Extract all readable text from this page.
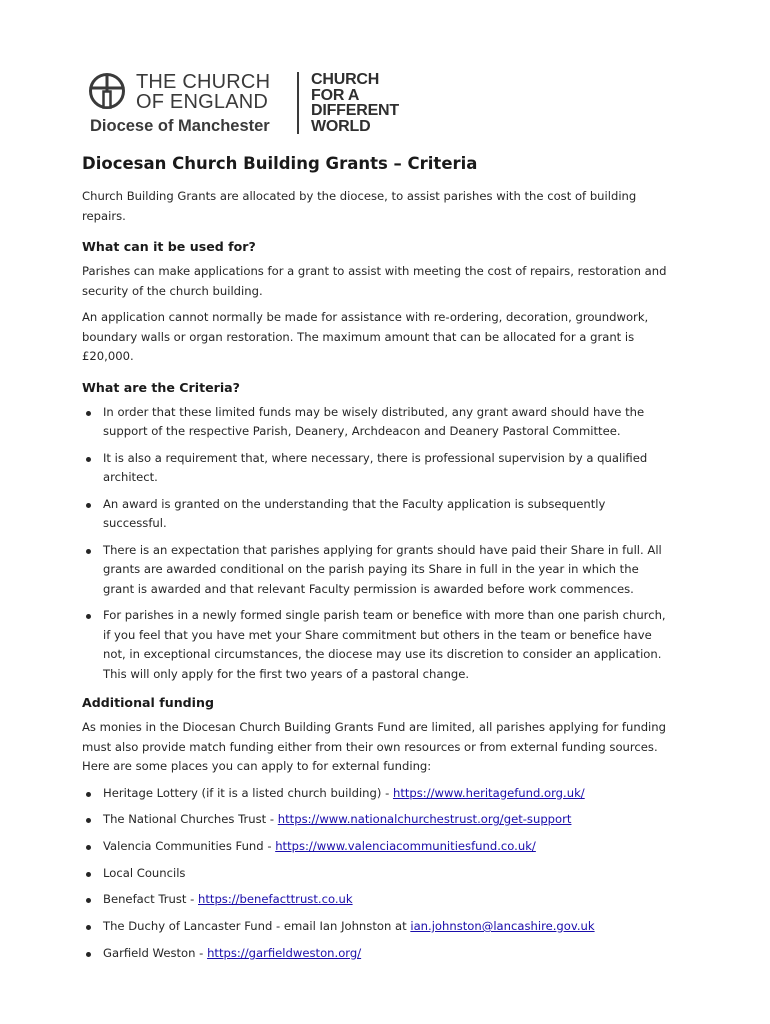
THE CHURCH
OF ENGLAND
Diocese of Manchester
CHURCH
FOR A
DIFFERENT
WORLD
Diocesan Church Building Grants – Criteria

Church Building Grants are allocated by the diocese, to assist parishes with the cost of building repairs.

What can it be used for?

Parishes can make applications for a grant to assist with meeting the cost of repairs, restoration and security of the church building.

An application cannot normally be made for assistance with re-ordering, decoration, groundwork, boundary walls or organ restoration. The maximum amount that can be allocated for a grant is £20,000.

What are the Criteria?
In order that these limited funds may be wisely distributed, any grant award should have the support of the respective Parish, Deanery, Archdeacon and Deanery Pastoral Committee.
It is also a requirement that, where necessary, there is professional supervision by a qualified architect.
An award is granted on the understanding that the Faculty application is subsequently successful.
There is an expectation that parishes applying for grants should have paid their Share in full. All grants are awarded conditional on the parish paying its Share in full in the year in which the grant is awarded and that relevant Faculty permission is awarded before work commences.
For parishes in a newly formed single parish team or benefice with more than one parish church, if you feel that you have met your Share commitment but others in the team or benefice have not, in exceptional circumstances, the diocese may use its discretion to consider an application. This will only apply for the first two years of a pastoral change.
Additional funding

As monies in the Diocesan Church Building Grants Fund are limited, all parishes applying for funding must also provide match funding either from their own resources or from external funding sources. Here are some places you can apply to for external funding:

Heritage Lottery (if it is a listed church building) - https://www.heritagefund.org.uk/
The National Churches Trust - https://www.nationalchurchestrust.org/get-support
Valencia Communities Fund - https://www.valenciacommunitiesfund.co.uk/
Local Councils
Benefact Trust - https://benefacttrust.co.uk
The Duchy of Lancaster Fund - email Ian Johnston at ian.johnston@lancashire.gov.uk
Garfield Weston - https://garfieldweston.org/
